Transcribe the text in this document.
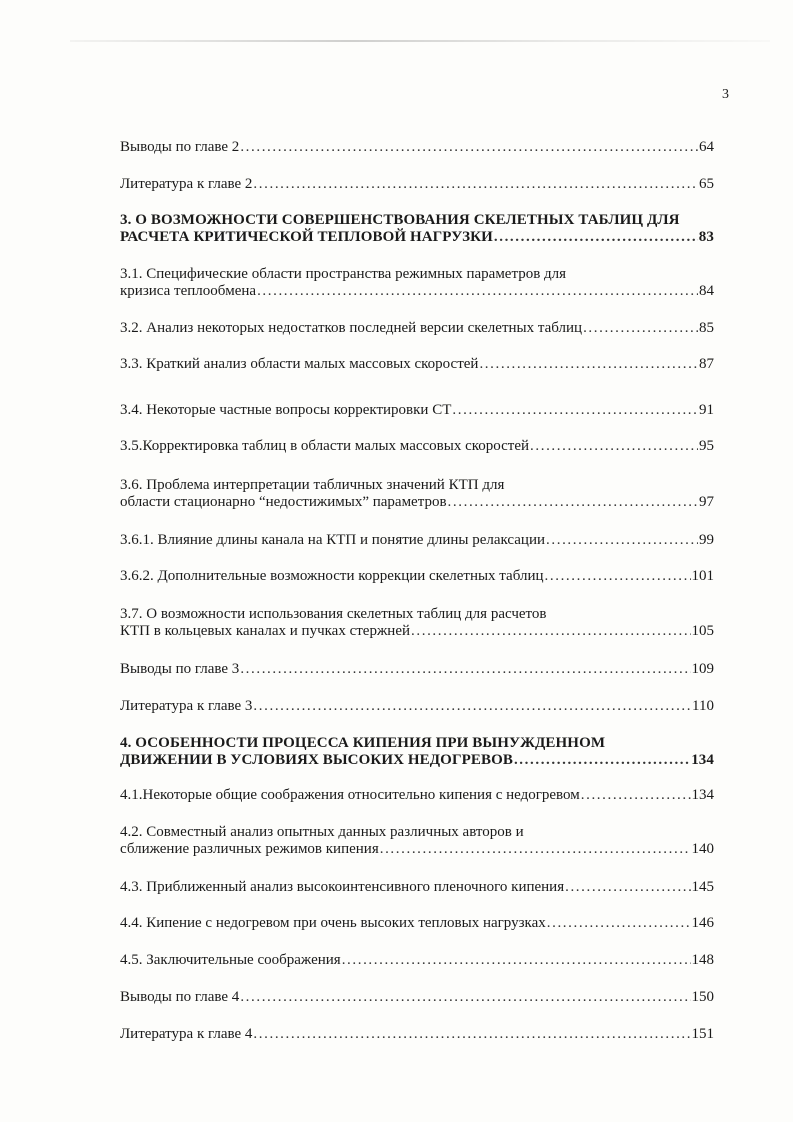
3
Выводы по главе 2 .....	64
Литература к главе 2 .....	65
3. О ВОЗМОЖНОСТИ СОВЕРШЕНСТВОВАНИЯ СКЕЛЕТНЫХ ТАБЛИЦ ДЛЯ
РАСЧЕТА КРИТИЧЕСКОЙ ТЕПЛОВОЙ НАГРУЗКИ .....	83
3.1. Специфические области пространства режимных параметров для
кризиса теплообмена .....	84
3.2. Анализ некоторых недостатков последней версии скелетных таблиц .....	85
3.3. Краткий анализ области малых массовых скоростей .....	87
3.4. Некоторые частные вопросы корректировки СТ .....	91
3.5.Корректировка таблиц в области малых массовых скоростей .....	95
3.6. Проблема интерпретации табличных значений КТП для
области стационарно “недостижимых” параметров .....	97
3.6.1. Влияние длины канала на КТП и понятие длины релаксации .....	99
3.6.2. Дополнительные возможности коррекции скелетных таблиц .....	101
3.7. О возможности использования скелетных таблиц для расчетов
КТП в кольцевых каналах и пучках стержней .....	105
Выводы по главе 3 .....	109
Литература к главе 3 .....	110
4. ОСОБЕННОСТИ ПРОЦЕССА КИПЕНИЯ ПРИ ВЫНУЖДЕННОМ
ДВИЖЕНИИ В УСЛОВИЯХ ВЫСОКИХ НЕДОГРЕВОВ .....	134
4.1.Некоторые общие соображения относительно кипения с недогревом .....	134
4.2. Совместный анализ опытных данных различных авторов и
сближение различных режимов кипения .....	140
4.3. Приближенный анализ высокоинтенсивного пленочного кипения .....	145
4.4. Кипение с недогревом при очень высоких тепловых нагрузках .....	146
4.5. Заключительные соображения .....	148
Выводы по главе 4 .....	150
Литература к главе 4 .....	151
